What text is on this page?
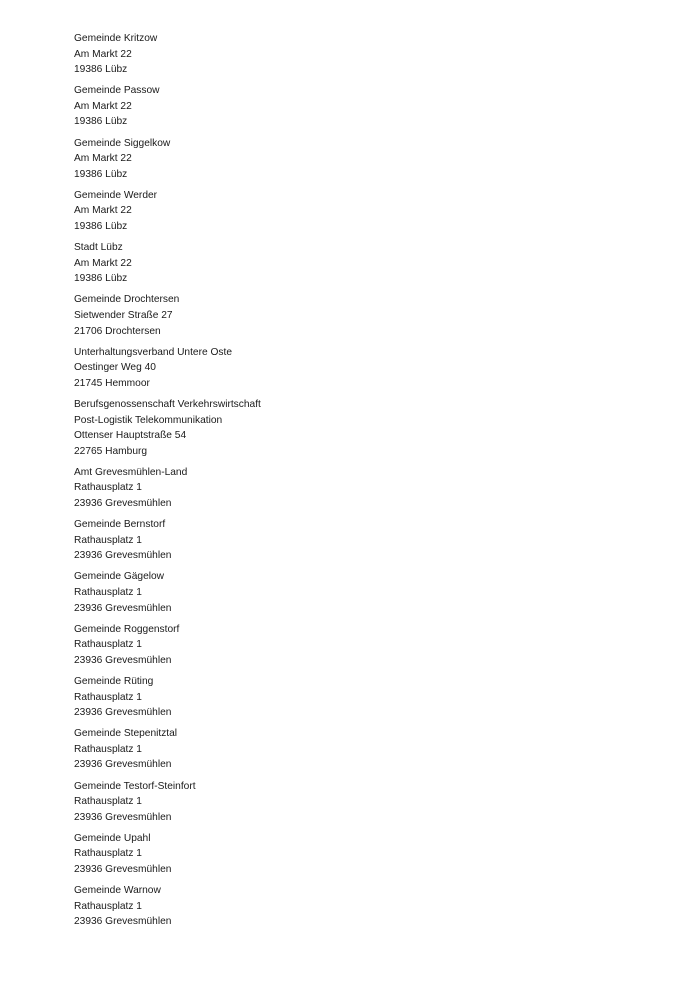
Gemeinde Kritzow
Am Markt 22
19386 Lübz
Gemeinde Passow
Am Markt 22
19386 Lübz
Gemeinde Siggelkow
Am Markt 22
19386 Lübz
Gemeinde Werder
Am Markt 22
19386 Lübz
Stadt Lübz
Am Markt 22
19386 Lübz
Gemeinde Drochtersen
Sietwender Straße 27
21706 Drochtersen
Unterhaltungsverband Untere Oste
Oestinger Weg 40
21745 Hemmoor
Berufsgenossenschaft Verkehrswirtschaft
Post-Logistik Telekommunikation
Ottenser Hauptstraße 54
22765 Hamburg
Amt Grevesmühlen-Land
Rathausplatz 1
23936 Grevesmühlen
Gemeinde Bernstorf
Rathausplatz 1
23936 Grevesmühlen
Gemeinde Gägelow
Rathausplatz 1
23936 Grevesmühlen
Gemeinde Roggenstorf
Rathausplatz 1
23936 Grevesmühlen
Gemeinde Rüting
Rathausplatz 1
23936 Grevesmühlen
Gemeinde Stepenitztal
Rathausplatz 1
23936 Grevesmühlen
Gemeinde Testorf-Steinfort
Rathausplatz 1
23936 Grevesmühlen
Gemeinde Upahl
Rathausplatz 1
23936 Grevesmühlen
Gemeinde Warnow
Rathausplatz 1
23936 Grevesmühlen
